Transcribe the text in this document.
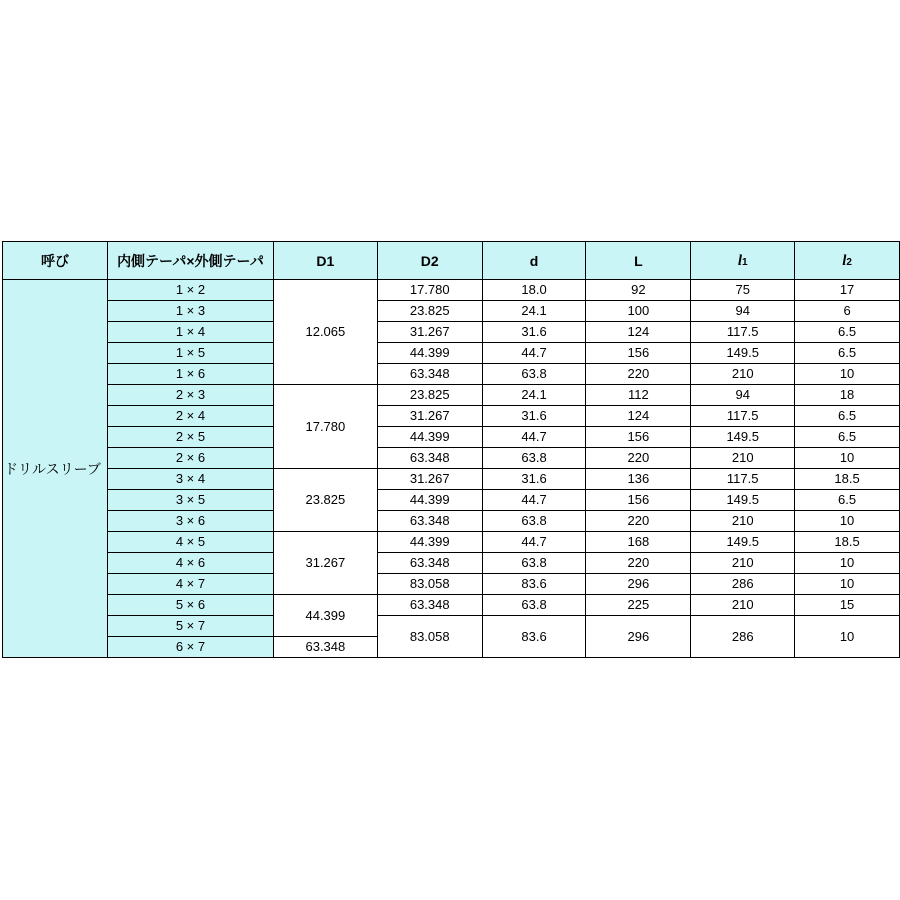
呼び	内側テーパ×外側テーパ	D1	D2	d	L	l1	l2
ドリルスリーブ	1 × 2	12.065	17.780	18.0	92	75	17
	1 × 3		23.825	24.1	100	94	6
	1 × 4		31.267	31.6	124	117.5	6.5
	1 × 5		44.399	44.7	156	149.5	6.5
	1 × 6		63.348	63.8	220	210	10
	2 × 3	17.780	23.825	24.1	112	94	18
	2 × 4		31.267	31.6	124	117.5	6.5
	2 × 5		44.399	44.7	156	149.5	6.5
	2 × 6		63.348	63.8	220	210	10
	3 × 4	23.825	31.267	31.6	136	117.5	18.5
	3 × 5		44.399	44.7	156	149.5	6.5
	3 × 6		63.348	63.8	220	210	10
	4 × 5	31.267	44.399	44.7	168	149.5	18.5
	4 × 6		63.348	63.8	220	210	10
	4 × 7		83.058	83.6	296	286	10
	5 × 6	44.399	63.348	63.8	225	210	15
	5 × 7		83.058	83.6	296	286	10
	6 × 7	63.348					
